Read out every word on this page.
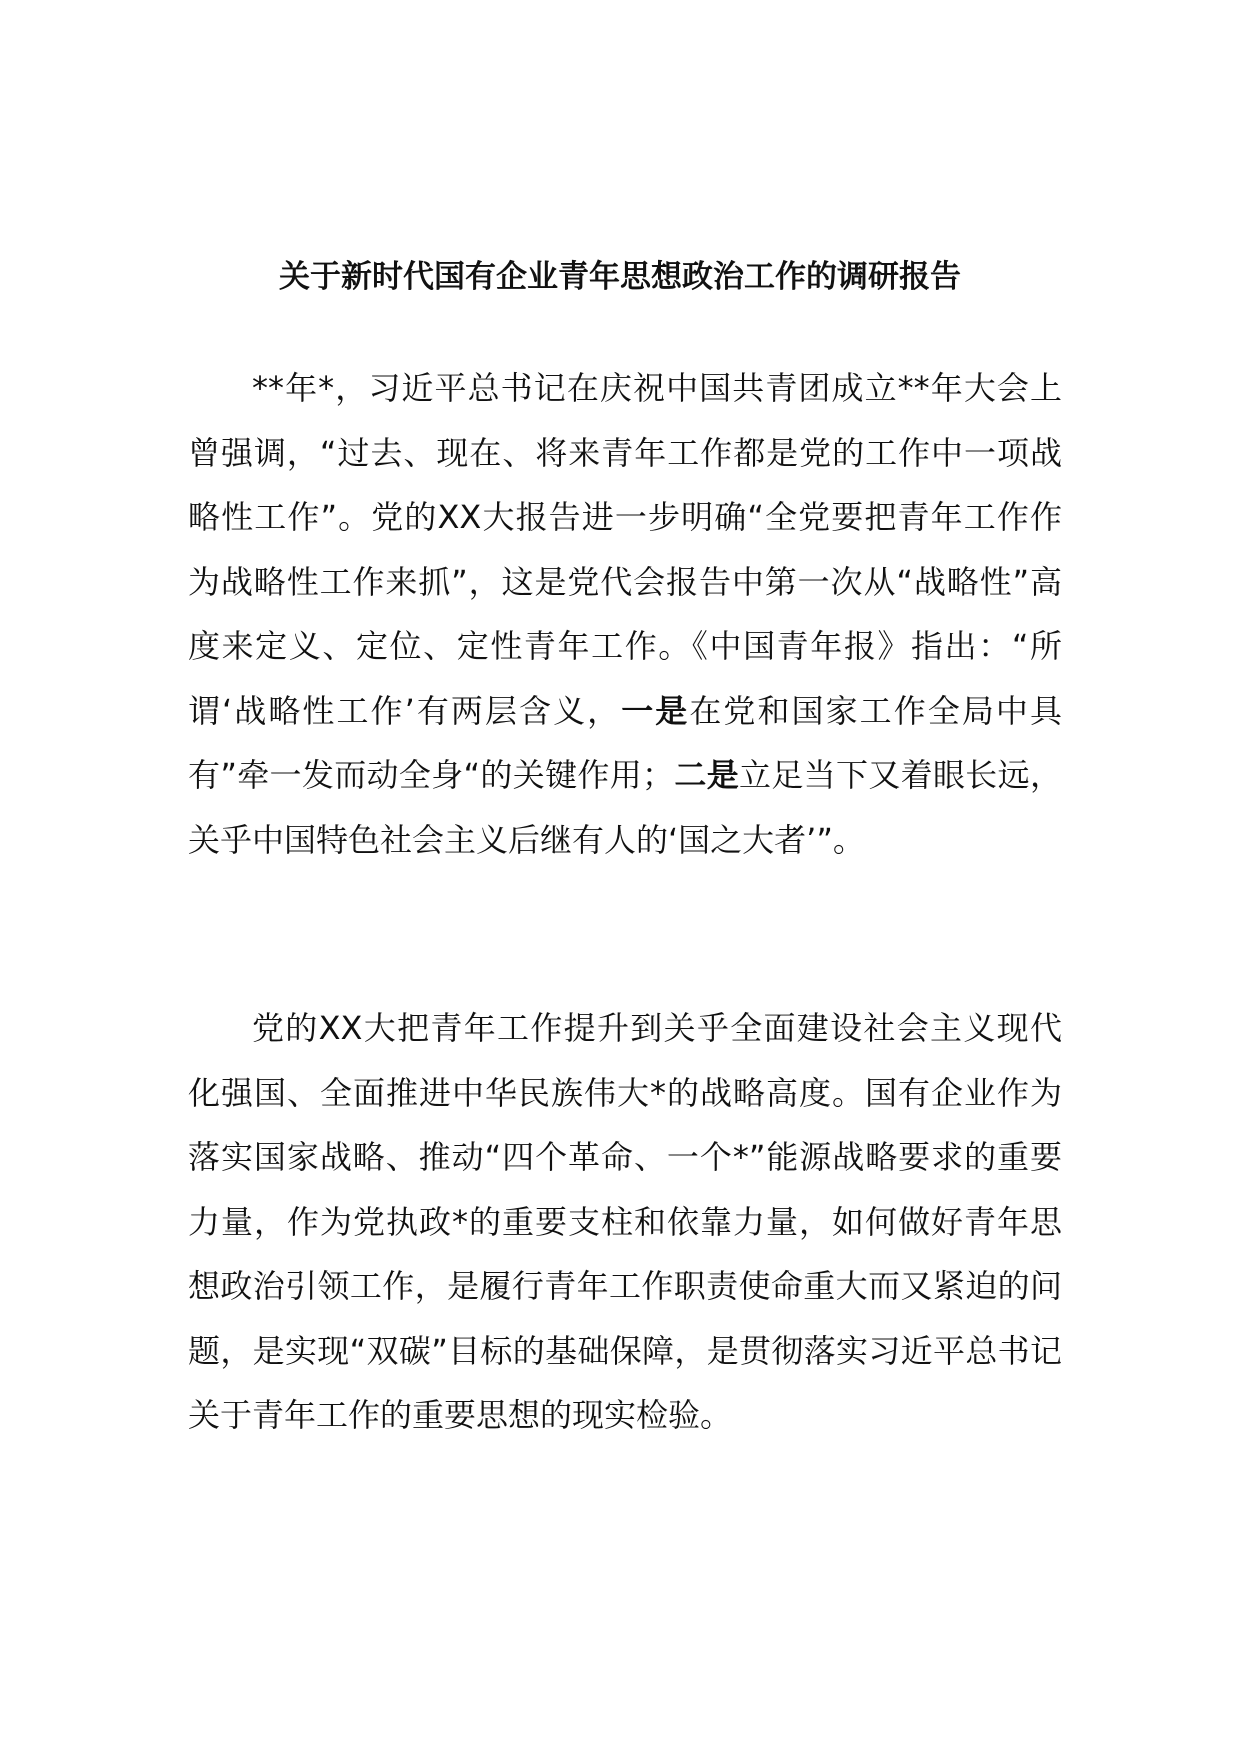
关于新时代国有企业青年思想政治工作的调研报告

**年*，习近平总书记在庆祝中国共青团成立**年大会上曾强调，“过去、现在、将来青年工作都是党的工作中一项战略性工作”。党的XX大报告进一步明确“全党要把青年工作作为战略性工作来抓”，这是党代会报告中第一次从“战略性”高度来定义、定位、定性青年工作。《中国青年报》指出：“所谓‘战略性工作’有两层含义，一是在党和国家工作全局中具有”牵一发而动全身“的关键作用；二是立足当下又着眼长远，关乎中国特色社会主义后继有人的‘国之大者’”。

党的XX大把青年工作提升到关乎全面建设社会主义现代化强国、全面推进中华民族伟大*的战略高度。国有企业作为落实国家战略、推动“四个革命、一个*”能源战略要求的重要力量，作为党执政*的重要支柱和依靠力量，如何做好青年思想政治引领工作，是履行青年工作职责使命重大而又紧迫的问题，是实现“双碳”目标的基础保障，是贯彻落实习近平总书记关于青年工作的重要思想的现实检验。
